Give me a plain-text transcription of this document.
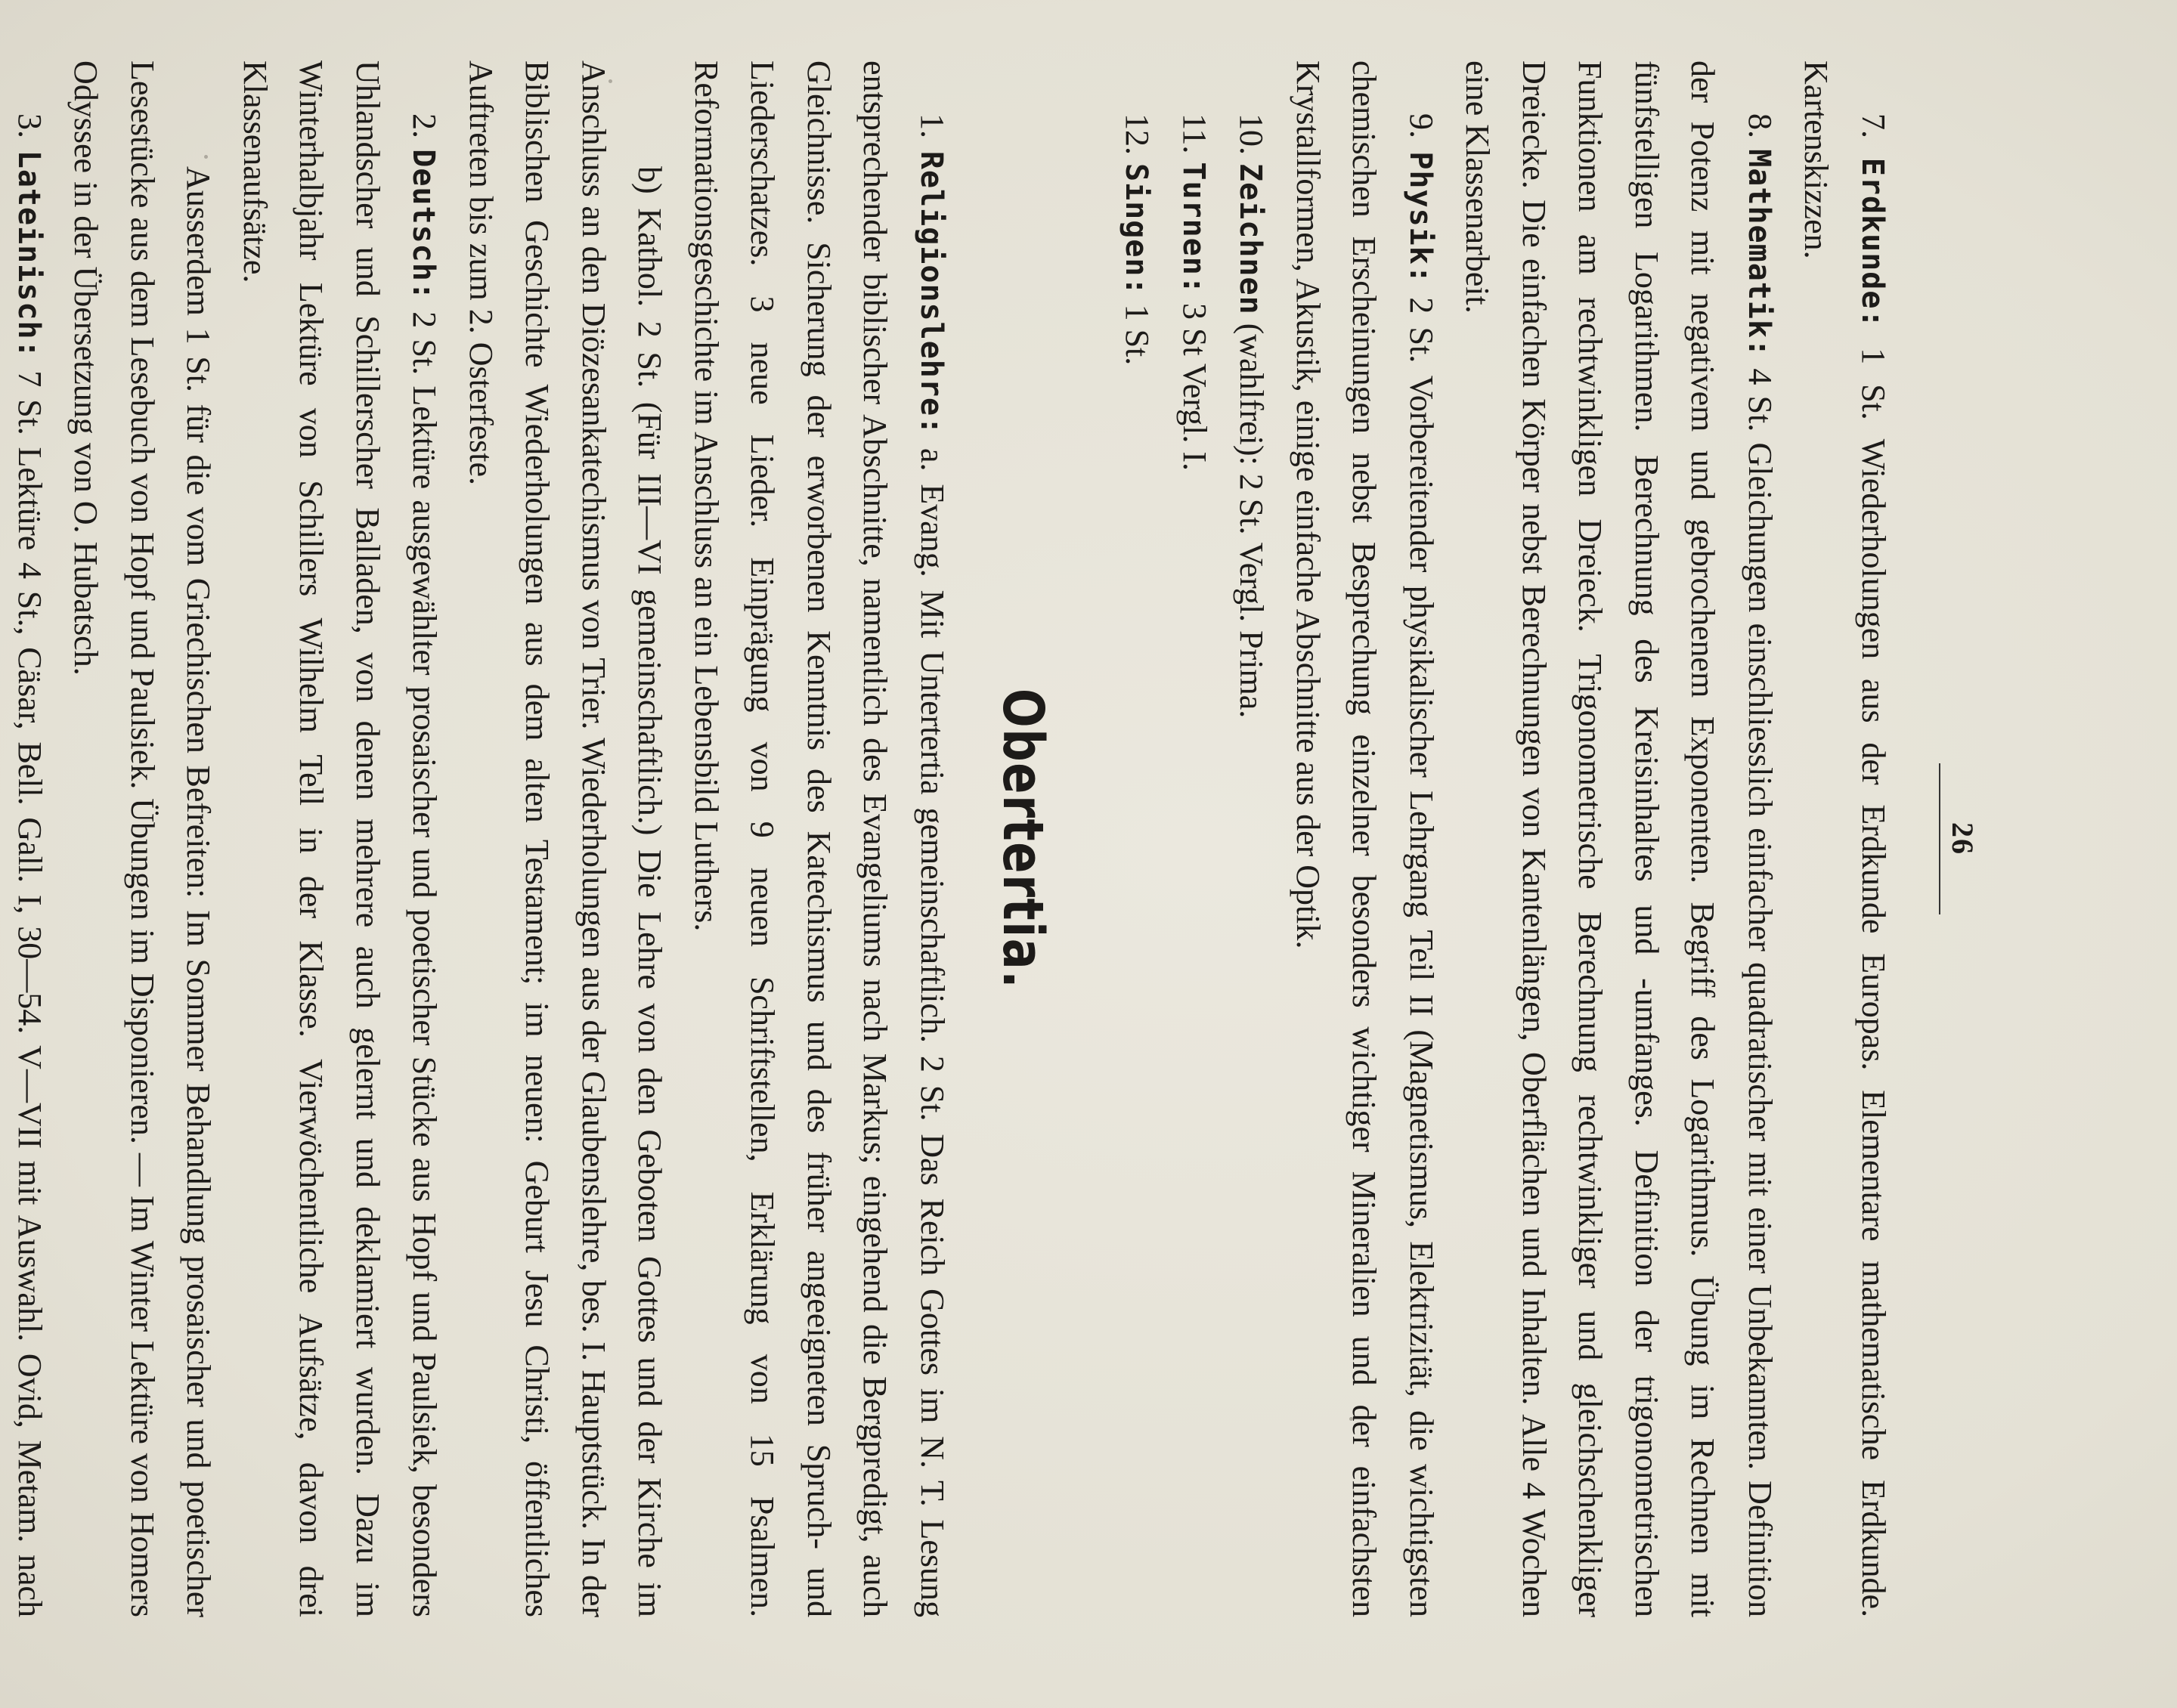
26

7. Erdkunde: 1 St. Wiederholungen aus der Erdkunde Europas. Elementare mathematische Erdkunde. Kartenskizzen.

8. Mathematik: 4 St. Gleichungen einschliesslich einfacher quadratischer mit einer Unbekannten. Definition der Potenz mit negativem und gebrochenem Exponenten. Begriff des Logarithmus. Übung im Rechnen mit fünfstelligen Logarithmen. Berechnung des Kreisinhaltes und -umfanges. Definition der trigonometrischen Funktionen am rechtwinkligen Dreieck. Trigonometrische Berechnung rechtwinkliger und gleichschenkliger Dreiecke. Die einfachen Körper nebst Berechnungen von Kantenlängen, Oberflächen und Inhalten. Alle 4 Wochen eine Klassenarbeit.

9. Physik: 2 St. Vorbereitender physikalischer Lehrgang Teil II (Magnetismus, Elektrizität, die wichtigsten chemischen Erscheinungen nebst Besprechung einzelner besonders wichtiger Mineralien und der einfachsten Krystallformen, Akustik, einige einfache Abschnitte aus der Optik.

10. Zeichnen (wahlfrei): 2 St. Vergl. Prima.

11. Turnen: 3 St Vergl. I.

12. Singen: 1 St.

Obertertia.

1. Religionslehre: a. Evang. Mit Untertertia gemeinschaftlich. 2 St. Das Reich Gottes im N. T. Lesung entsprechender biblischer Abschnitte, namentlich des Evangeliums nach Markus; eingehend die Bergpredigt, auch Gleichnisse. Sicherung der erworbenen Kenntnis des Katechismus und des früher angeeigneten Spruch- und Liederschatzes. 3 neue Lieder. Einprägung von 9 neuen Schriftstellen, Erklärung von 15 Psalmen. Reformationsgeschichte im Anschluss an ein Lebensbild Luthers.

b) Kathol. 2 St. (Für III—VI gemeinschaftlich.) Die Lehre von den Geboten Gottes und der Kirche im Anschluss an den Diözesankatechismus von Trier. Wiederholungen aus der Glaubenslehre, bes. I. Hauptstück. In der Biblischen Geschichte Wiederholungen aus dem alten Testament; im neuen: Geburt Jesu Christi, öffentliches Auftreten bis zum 2. Osterfeste.

2. Deutsch: 2 St. Lektüre ausgewählter prosaischer und poetischer Stücke aus Hopf und Paulsiek, besonders Uhlandscher und Schillerscher Balladen, von denen mehrere auch gelernt und deklamiert wurden. Dazu im Winterhalbjahr Lektüre von Schillers Wilhelm Tell in der Klasse. Vierwöchentliche Aufsätze, davon drei Klassenaufsätze.

Ausserdem 1 St. für die vom Griechischen Befreiten: Im Sommer Behandlung prosaischer und poetischer Lesestücke aus dem Lesebuch von Hopf und Paulsiek. Übungen im Disponieren. — Im Winter Lektüre von Homers Odyssee in der Übersetzung von O. Hubatsch.

3. Lateinisch: 7 St. Lektüre 4 St., Cäsar, Bell. Gall. I, 30—54. V—VII mit Auswahl. Ovid, Metam. nach
